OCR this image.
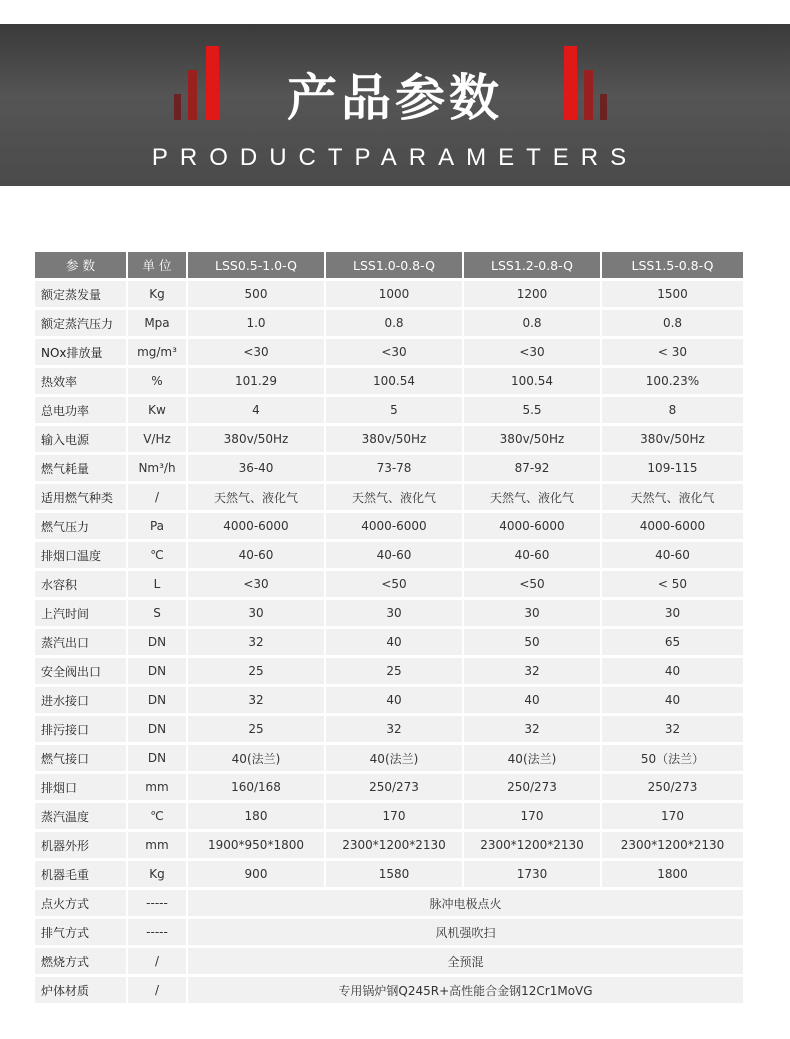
产品参数
PRODUCTPARAMETERS
参 数	单 位	LSS0.5-1.0-Q	LSS1.0-0.8-Q	LSS1.2-0.8-Q	LSS1.5-0.8-Q
额定蒸发量	Kg	500	1000	1200	1500
额定蒸汽压力	Mpa	1.0	0.8	0.8	0.8
NOx排放量	mg/m³	<30	<30	<30	< 30
热效率	%	101.29	100.54	100.54	100.23%
总电功率	Kw	4	5	5.5	8
输入电源	V/Hz	380v/50Hz	380v/50Hz	380v/50Hz	380v/50Hz
燃气耗量	Nm³/h	36-40	73-78	87-92	109-115
适用燃气种类	/	天然气、液化气	天然气、液化气	天然气、液化气	天然气、液化气
燃气压力	Pa	4000-6000	4000-6000	4000-6000	4000-6000
排烟口温度	℃	40-60	40-60	40-60	40-60
水容积	L	<30	<50	<50	< 50
上汽时间	S	30	30	30	30
蒸汽出口	DN	32	40	50	65
安全阀出口	DN	25	25	32	40
进水接口	DN	32	40	40	40
排污接口	DN	25	32	32	32
燃气接口	DN	40(法兰)	40(法兰)	40(法兰)	50（法兰）
排烟口	mm	160/168	250/273	250/273	250/273
蒸汽温度	℃	180	170	170	170
机器外形	mm	1900*950*1800	2300*1200*2130	2300*1200*2130	2300*1200*2130
机器毛重	Kg	900	1580	1730	1800
点火方式	-----	脉冲电极点火			
排气方式	-----	风机强吹扫			
燃烧方式	/	全预混			
炉体材质	/	专用锅炉钢Q245R+高性能合金钢12Cr1MoVG			
